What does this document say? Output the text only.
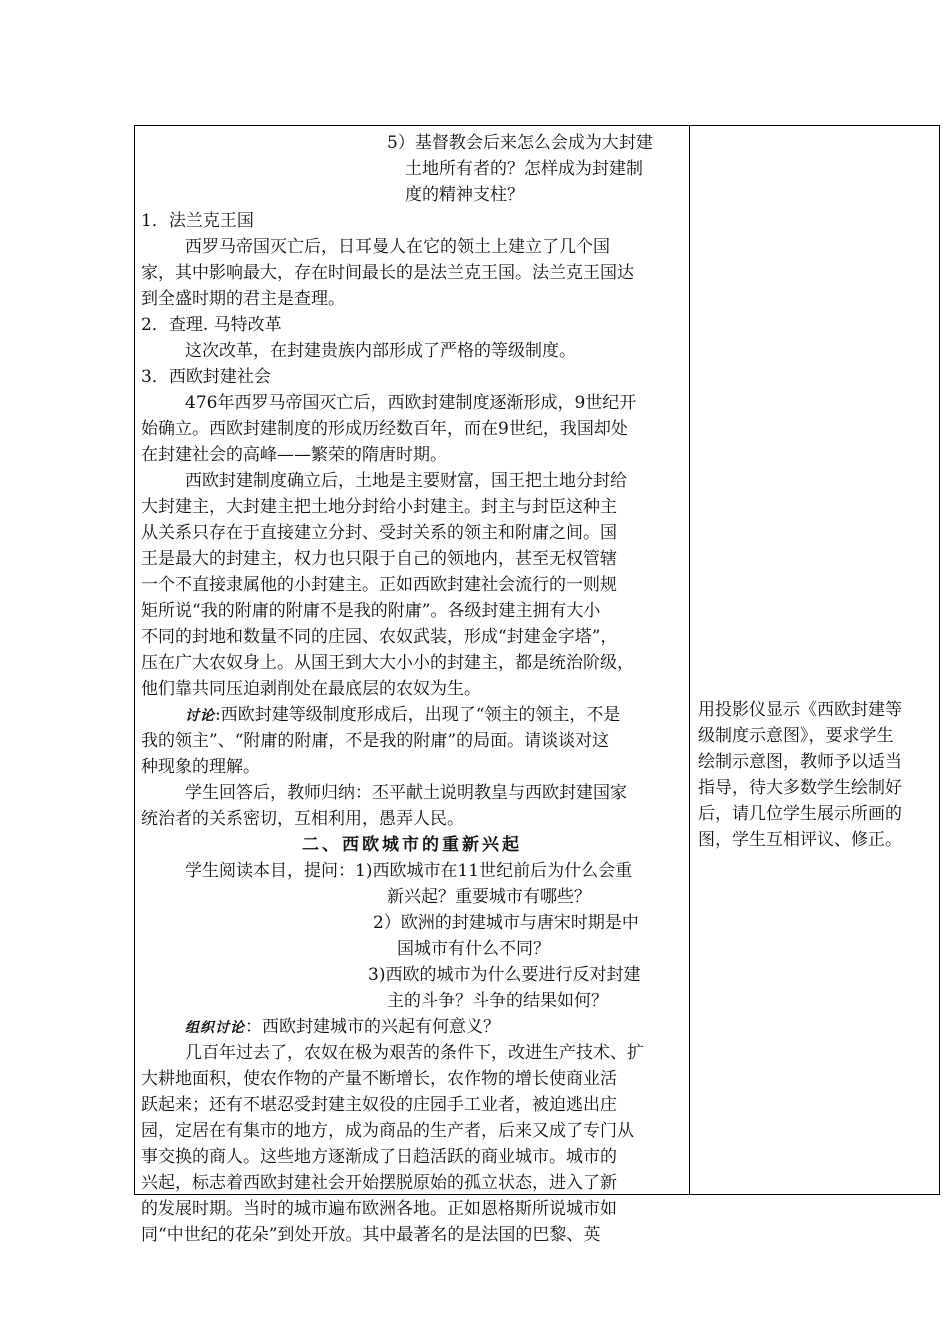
5）基督教会后来怎么会成为大封建
土地所有者的？怎样成为封建制
度的精神支柱？
1．法兰克王国
西罗马帝国灭亡后，日耳曼人在它的领土上建立了几个国
家，其中影响最大，存在时间最长的是法兰克王国。法兰克王国达
到全盛时期的君主是查理。
2．查理. 马特改革
这次改革，在封建贵族内部形成了严格的等级制度。
3．西欧封建社会
476年西罗马帝国灭亡后，西欧封建制度逐渐形成，9世纪开
始确立。西欧封建制度的形成历经数百年，而在9世纪，我国却处
在封建社会的高峰——繁荣的隋唐时期。
西欧封建制度确立后，土地是主要财富，国王把土地分封给
大封建主，大封建主把土地分封给小封建主。封主与封臣这种主
从关系只存在于直接建立分封、受封关系的领主和附庸之间。国
王是最大的封建主，权力也只限于自己的领地内，甚至无权管辖
一个不直接隶属他的小封建主。正如西欧封建社会流行的一则规
矩所说“我的附庸的附庸不是我的附庸”。各级封建主拥有大小
不同的封地和数量不同的庄园、农奴武装，形成“封建金字塔”，
压在广大农奴身上。从国王到大大小小的封建主，都是统治阶级，
他们靠共同压迫剥削处在最底层的农奴为生。
讨论:西欧封建等级制度形成后，出现了“领主的领主，不是
我的领主”、“附庸的附庸，不是我的附庸”的局面。请谈谈对这
种现象的理解。
学生回答后，教师归纳：丕平献土说明教皇与西欧封建国家
统治者的关系密切，互相利用，愚弄人民。
二、西欧城市的重新兴起
学生阅读本目，提问：1)西欧城市在11世纪前后为什么会重
新兴起？重要城市有哪些？
2）欧洲的封建城市与唐宋时期是中
国城市有什么不同？
3)西欧的城市为什么要进行反对封建
主的斗争？斗争的结果如何？
组织讨论：西欧封建城市的兴起有何意义？
几百年过去了，农奴在极为艰苦的条件下，改进生产技术、扩
大耕地面积，使农作物的产量不断增长，农作物的增长使商业活
跃起来；还有不堪忍受封建主奴役的庄园手工业者，被迫逃出庄
园，定居在有集市的地方，成为商品的生产者，后来又成了专门从
事交换的商人。这些地方逐渐成了日趋活跃的商业城市。城市的
兴起，标志着西欧封建社会开始摆脱原始的孤立状态，进入了新
的发展时期。当时的城市遍布欧洲各地。正如恩格斯所说城市如
同“中世纪的花朵”到处开放。其中最著名的是法国的巴黎、英
用投影仪显示《西欧封建等
级制度示意图》，要求学生
绘制示意图，教师予以适当
指导，待大多数学生绘制好
后，请几位学生展示所画的
图，学生互相评议、修正。
